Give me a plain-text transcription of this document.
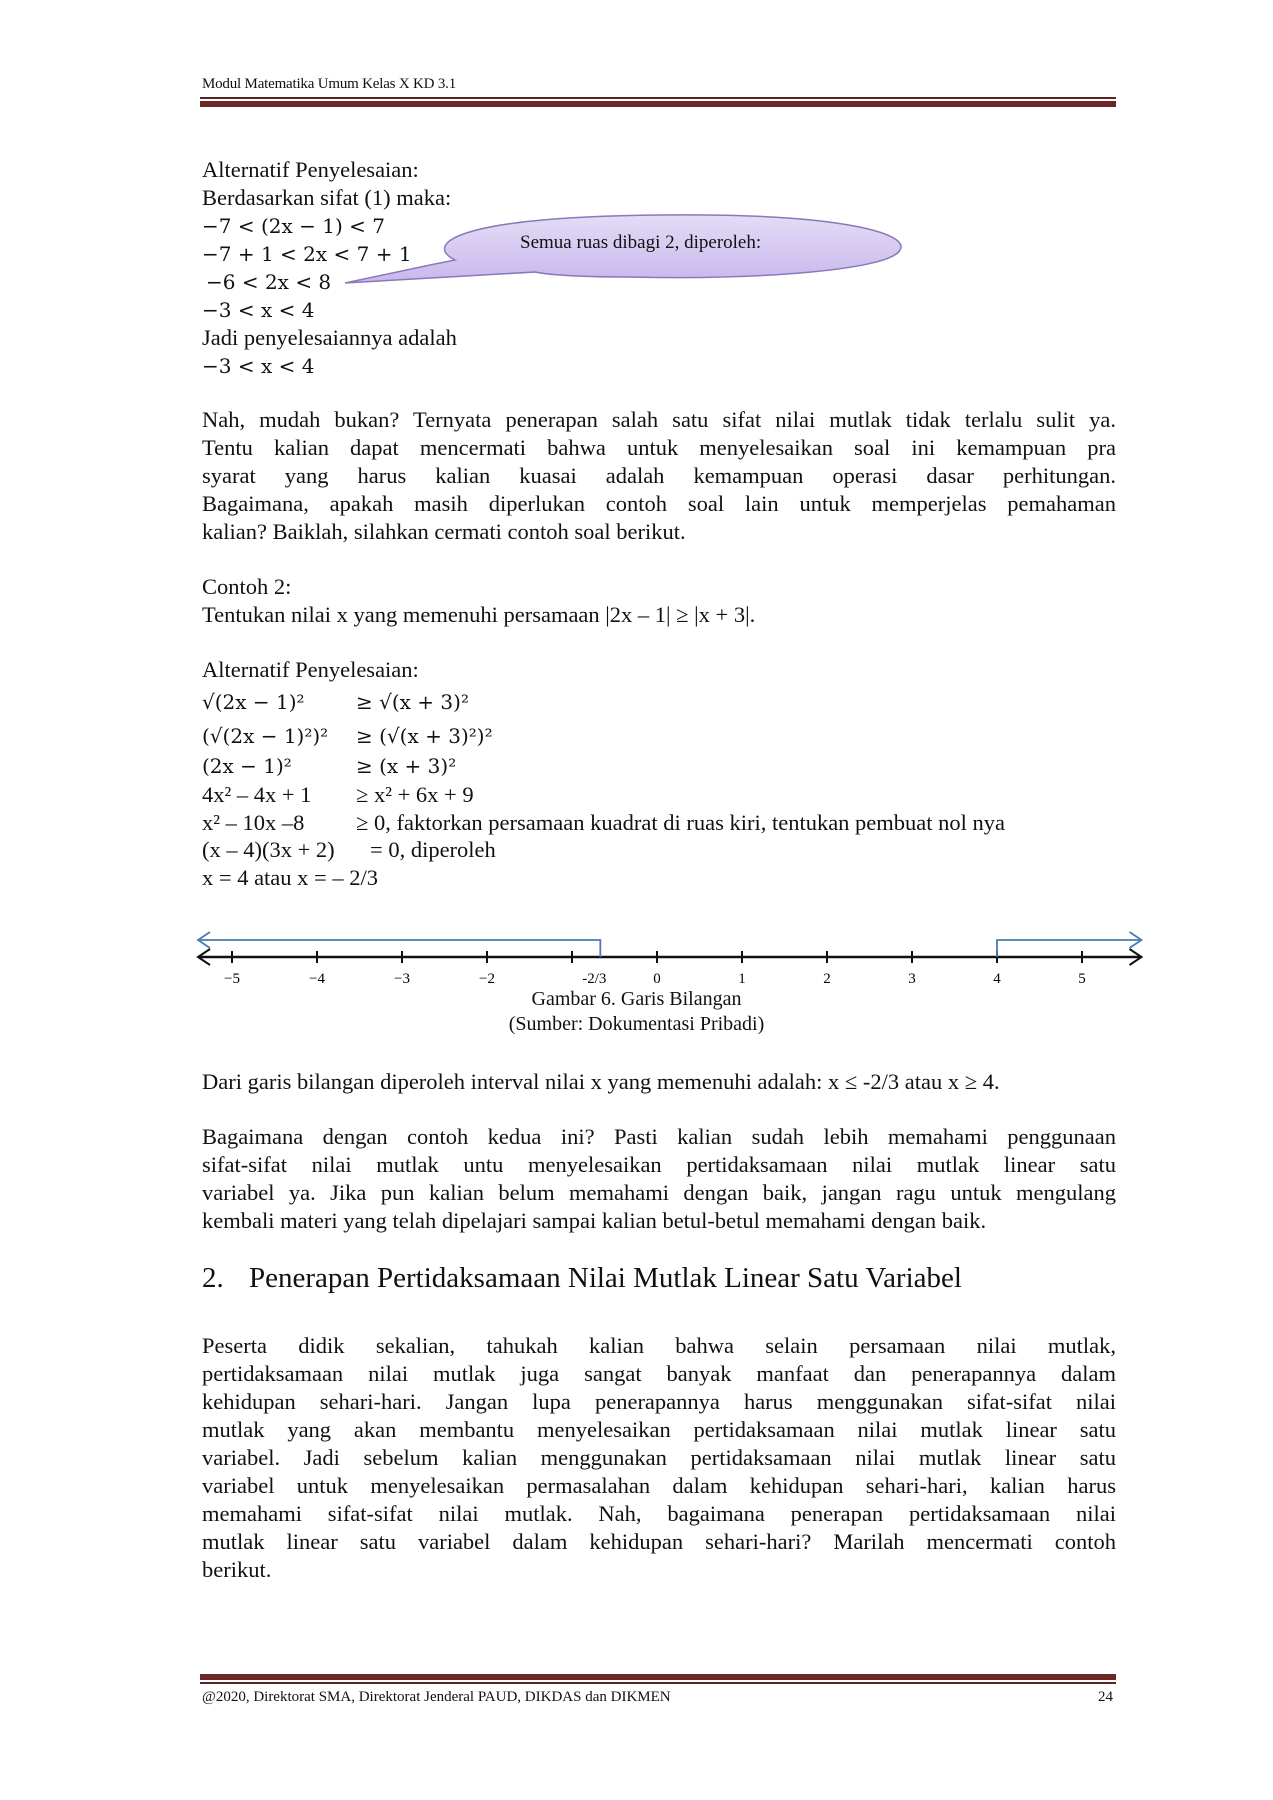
Modul Matematika Umum Kelas X KD 3.1
Alternatif Penyelesaian:
Berdasarkan sifat (1) maka:
−7 < (2x − 1) < 7
−7 + 1 < 2x < 7 + 1
−6 < 2x < 8
−3 < x < 4
Jadi penyelesaiannya adalah
−3 < x < 4
Semua ruas dibagi 2, diperoleh:
Nah, mudah bukan? Ternyata penerapan salah satu sifat nilai mutlak tidak terlalu sulit ya.
Tentu kalian dapat mencermati bahwa untuk menyelesaikan soal ini kemampuan pra
syarat yang harus kalian kuasai adalah kemampuan operasi dasar perhitungan.
Bagaimana, apakah masih diperlukan contoh soal lain untuk memperjelas pemahaman
kalian? Baiklah, silahkan cermati contoh soal berikut.
Contoh 2:
Tentukan nilai x yang memenuhi persamaan |2x – 1| ≥ |x + 3|.
Alternatif Penyelesaian:
√(2x − 1)²	≥ √(x + 3)²
(√(2x − 1)²)² ≥ (√(x + 3)²)²
(2x − 1)²	≥ (x + 3)²
4x² – 4x + 1 ≥ x² + 6x + 9
x² – 10x –8 ≥ 0, faktorkan persamaan kuadrat di ruas kiri, tentukan pembuat nol nya
(x – 4)(3x + 2) = 0, diperoleh
x = 4 atau x = – 2/3
−5	−4	−3	−2	-2/3	0	1	2	3	4	5
Gambar 6. Garis Bilangan
(Sumber: Dokumentasi Pribadi)
Dari garis bilangan diperoleh interval nilai x yang memenuhi adalah: x ≤ -2/3 atau x ≥ 4.
Bagaimana dengan contoh kedua ini? Pasti kalian sudah lebih memahami penggunaan
sifat-sifat nilai mutlak untu menyelesaikan pertidaksamaan nilai mutlak linear satu
variabel ya. Jika pun kalian belum memahami dengan baik, jangan ragu untuk mengulang
kembali materi yang telah dipelajari sampai kalian betul-betul memahami dengan baik.
2. Penerapan Pertidaksamaan Nilai Mutlak Linear Satu Variabel
Peserta didik sekalian, tahukah kalian bahwa selain persamaan nilai mutlak,
pertidaksamaan nilai mutlak juga sangat banyak manfaat dan penerapannya dalam
kehidupan sehari-hari. Jangan lupa penerapannya harus menggunakan sifat-sifat nilai
mutlak yang akan membantu menyelesaikan pertidaksamaan nilai mutlak linear satu
variabel. Jadi sebelum kalian menggunakan pertidaksamaan nilai mutlak linear satu
variabel untuk menyelesaikan permasalahan dalam kehidupan sehari-hari, kalian harus
memahami sifat-sifat nilai mutlak. Nah, bagaimana penerapan pertidaksamaan nilai
mutlak linear satu variabel dalam kehidupan sehari-hari? Marilah mencermati contoh
berikut.
@2020, Direktorat SMA, Direktorat Jenderal PAUD, DIKDAS dan DIKMEN	24
